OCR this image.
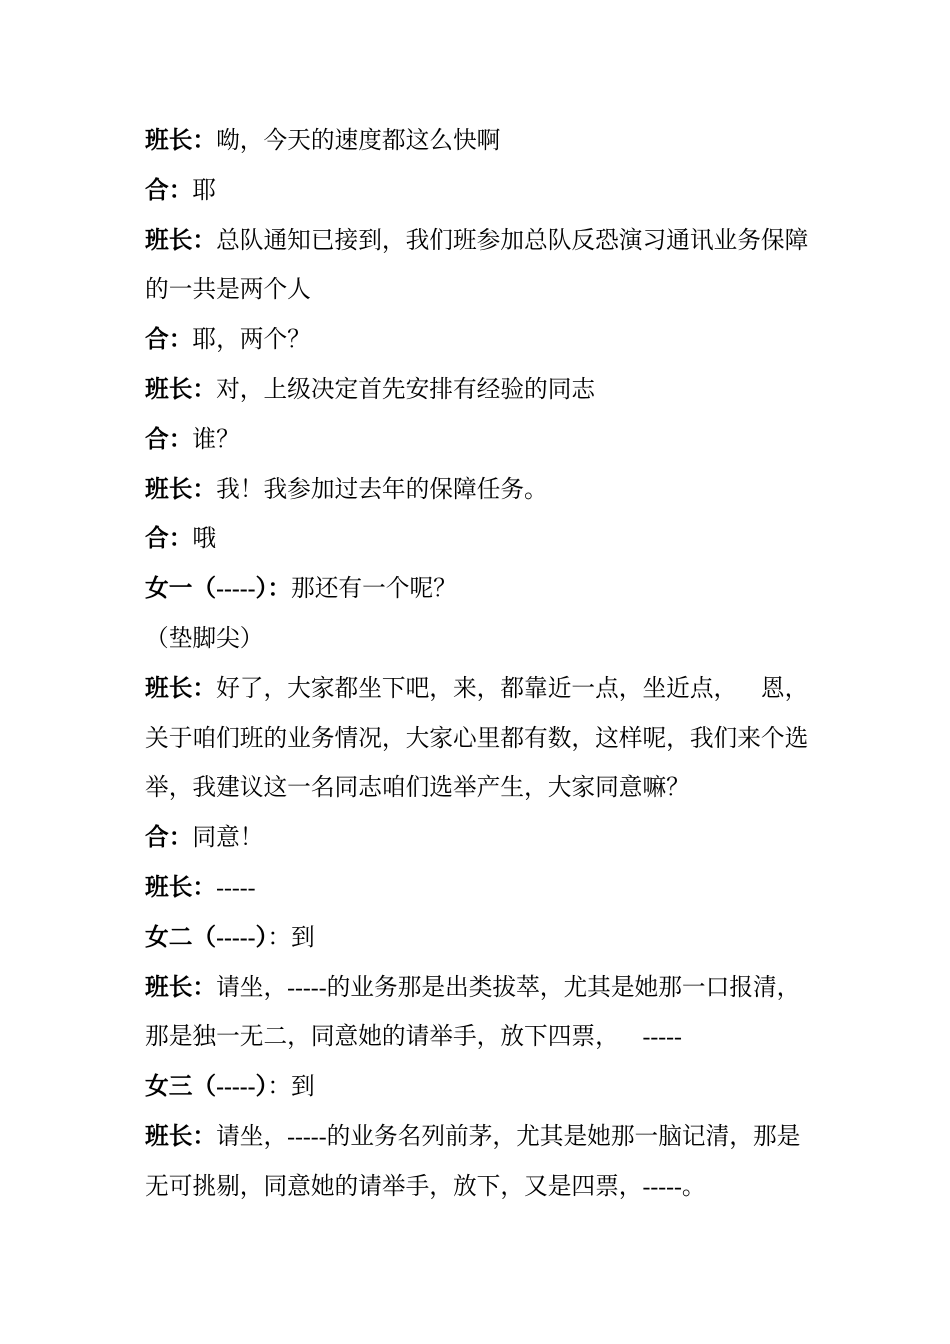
班长：呦，今天的速度都这么快啊
合：耶
班长：总队通知已接到，我们班参加总队反恐演习通讯业务保障
的一共是两个人
合：耶，两个？
班长：对，上级决定首先安排有经验的同志
合：谁？
班长：我！我参加过去年的保障任务。
合：哦
女一（-----）：那还有一个呢？
（垫脚尖）
班长：好了，大家都坐下吧，来，都靠近一点，坐近点，    恩，
关于咱们班的业务情况，大家心里都有数，这样呢，我们来个选
举，我建议这一名同志咱们选举产生，大家同意嘛？
合：同意！
班长：-----
女二（-----）：到
班长：请坐，-----的业务那是出类拔萃，尤其是她那一口报清，
那是独一无二，同意她的请举手，放下四票，    -----
女三（-----）：到
班长：请坐，-----的业务名列前茅，尤其是她那一脑记清，那是
无可挑剔，同意她的请举手，放下，又是四票，-----。
